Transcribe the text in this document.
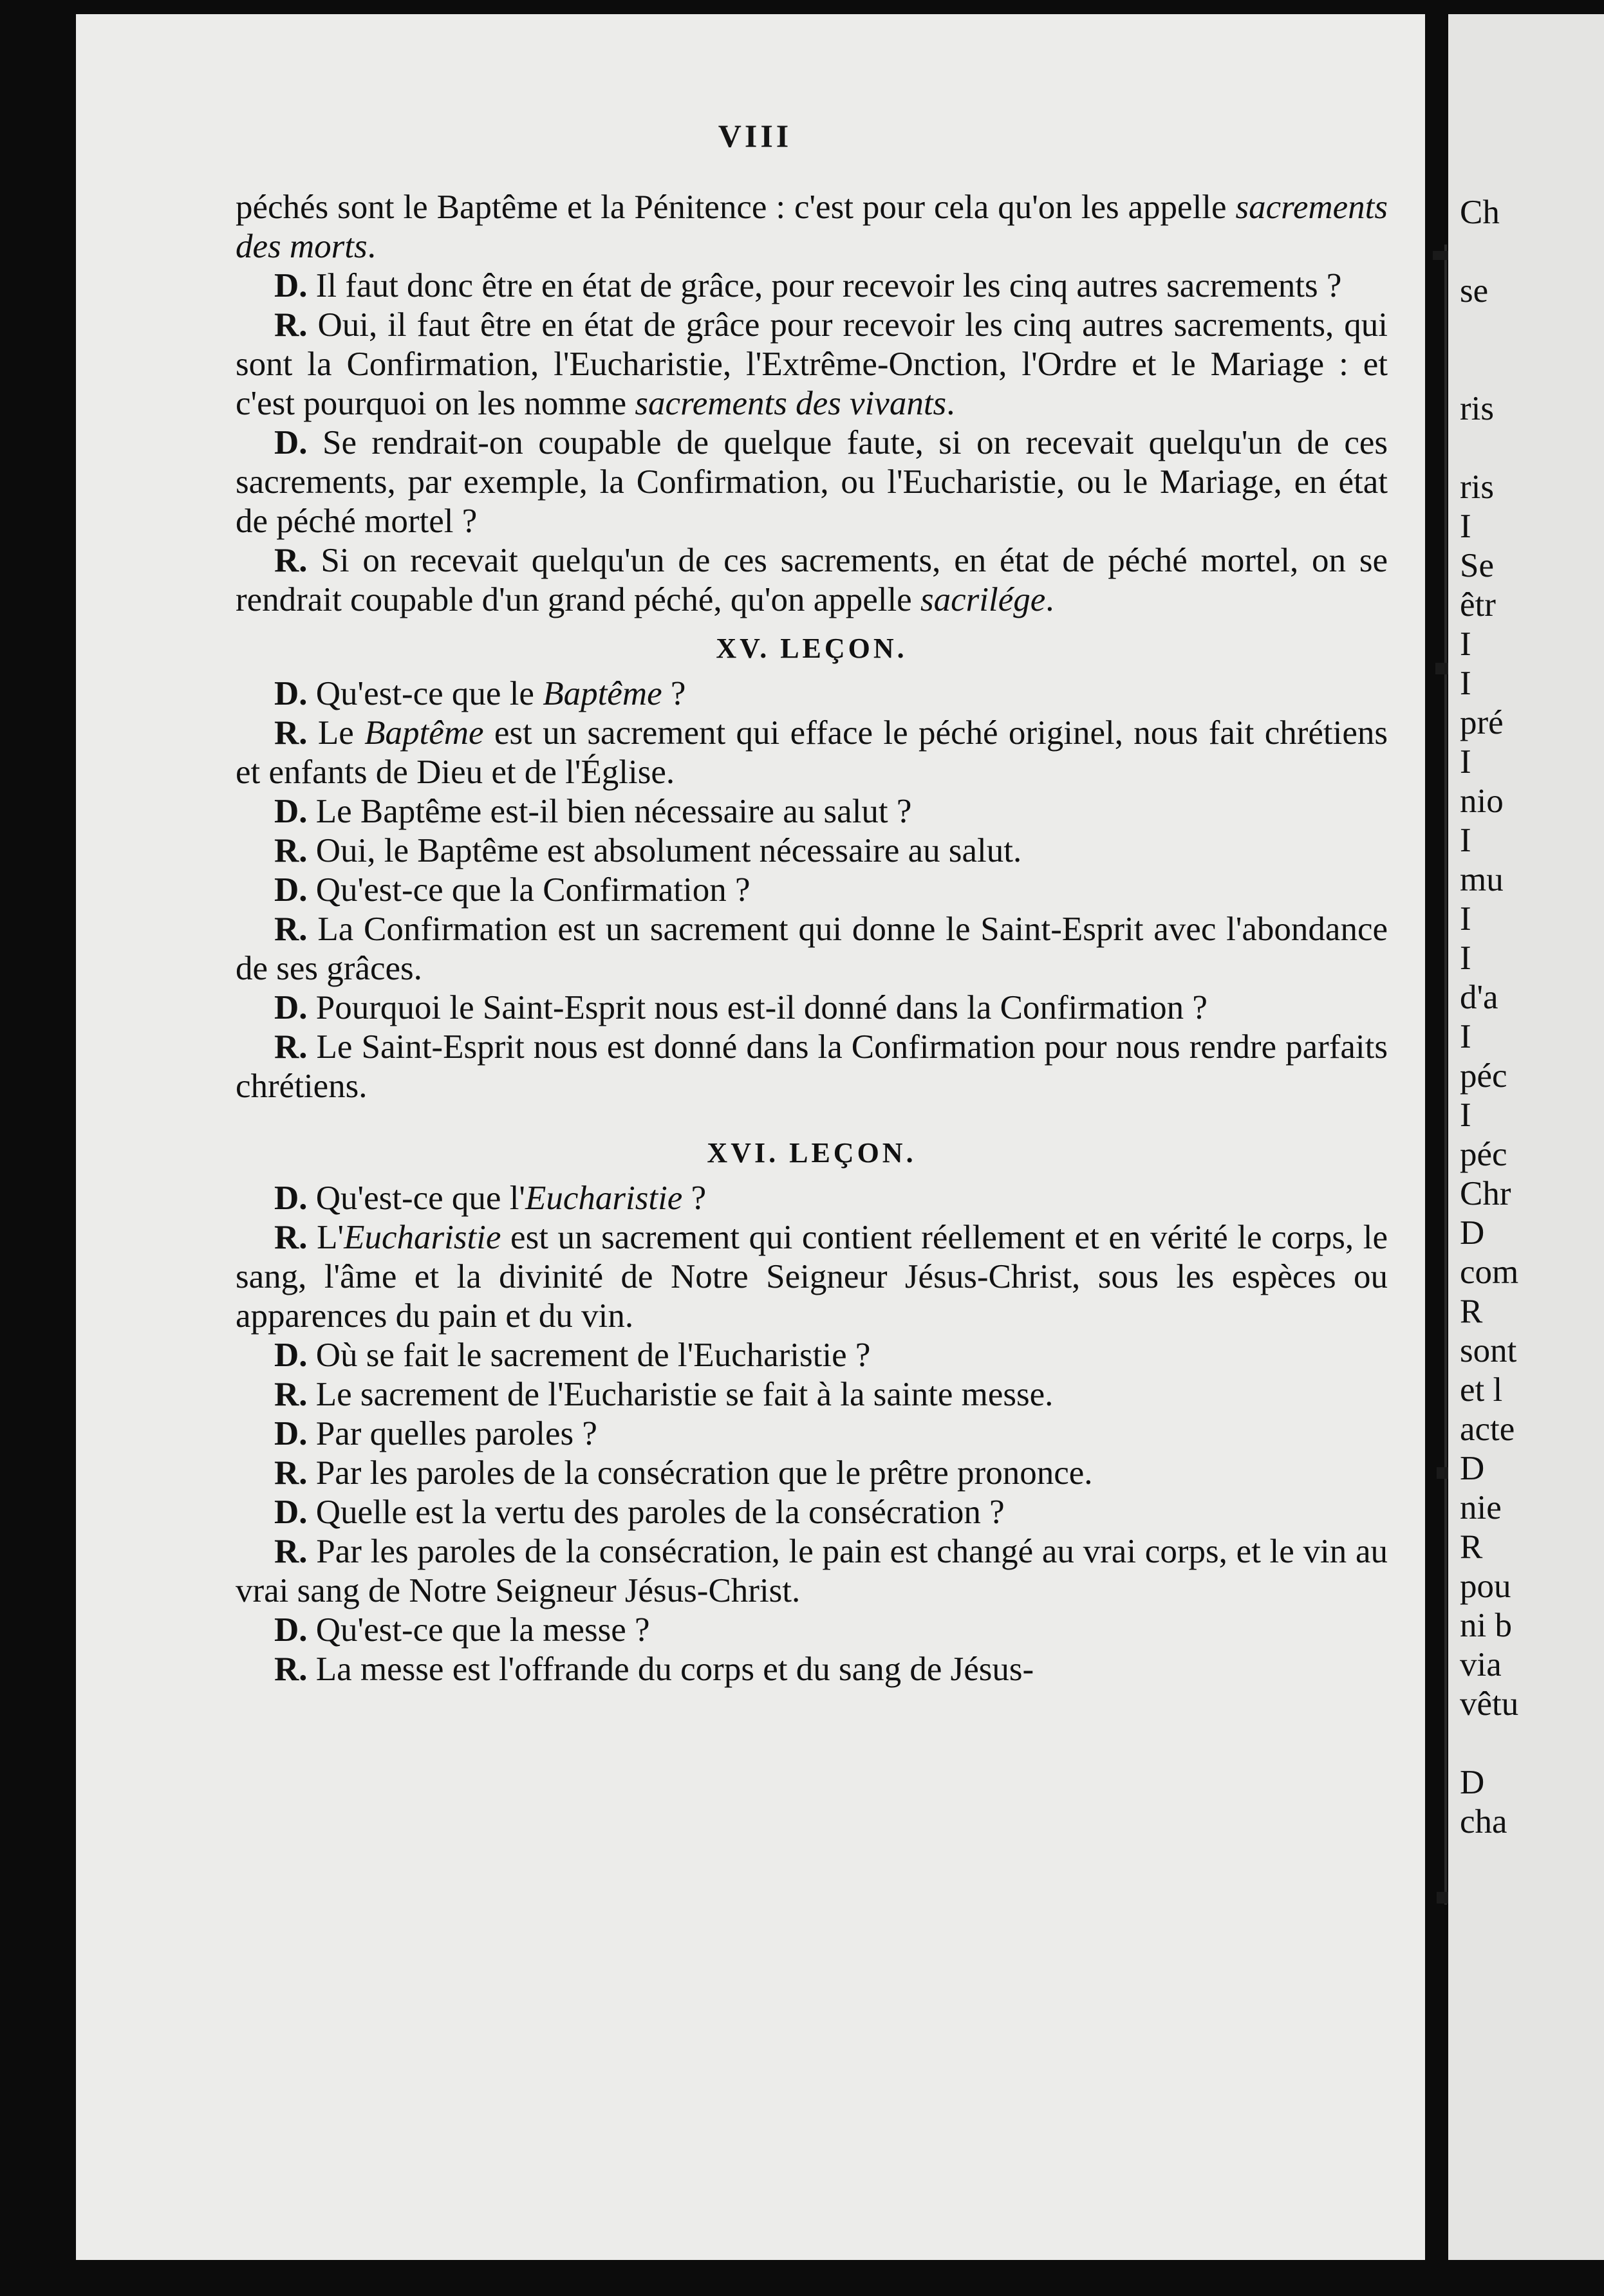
VIII

péchés sont le Baptême et la Pénitence : c'est pour cela qu'on les appelle sacrements des morts.

D. Il faut donc être en état de grâce, pour recevoir les cinq autres sacrements ?

R. Oui, il faut être en état de grâce pour recevoir les cinq autres sacrements, qui sont la Confirmation, l'Eucharistie, l'Extrême-Onction, l'Ordre et le Mariage : et c'est pourquoi on les nomme sacrements des vivants.

D. Se rendrait-on coupable de quelque faute, si on recevait quelqu'un de ces sacrements, par exemple, la Confirmation, ou l'Eucharistie, ou le Mariage, en état de péché mortel ?

R. Si on recevait quelqu'un de ces sacrements, en état de péché mortel, on se rendrait coupable d'un grand péché, qu'on appelle sacrilége.

XV. LEÇON.

D. Qu'est-ce que le Baptême ?

R. Le Baptême est un sacrement qui efface le péché originel, nous fait chrétiens et enfants de Dieu et de l'Église.

D. Le Baptême est-il bien nécessaire au salut ?

R. Oui, le Baptême est absolument nécessaire au salut.

D. Qu'est-ce que la Confirmation ?

R. La Confirmation est un sacrement qui donne le Saint-Esprit avec l'abondance de ses grâces.

D. Pourquoi le Saint-Esprit nous est-il donné dans la Confirmation ?

R. Le Saint-Esprit nous est donné dans la Confirmation pour nous rendre parfaits chrétiens.

XVI. LEÇON.

D. Qu'est-ce que l'Eucharistie ?

R. L'Eucharistie est un sacrement qui contient réellement et en vérité le corps, le sang, l'âme et la divinité de Notre Seigneur Jésus-Christ, sous les espèces ou apparences du pain et du vin.

D. Où se fait le sacrement de l'Eucharistie ?

R. Le sacrement de l'Eucharistie se fait à la sainte messe.

D. Par quelles paroles ?

R. Par les paroles de la consécration que le prêtre prononce.

D. Quelle est la vertu des paroles de la consécration ?

R. Par les paroles de la consécration, le pain est changé au vrai corps, et le vin au vrai sang de Notre Seigneur Jésus-Christ.

D. Qu'est-ce que la messe ?

R. La messe est l'offrande du corps et du sang de Jésus-

Ch
se
ris
ris
I
Se
êtr
I
I
pré
I
nio
I
mu
I
I
d'a
I
péc
I
péc
Chr
D
com
R
sont
et l
acte
D
nie
R
pou
ni b
via
vêtu
D
cha
